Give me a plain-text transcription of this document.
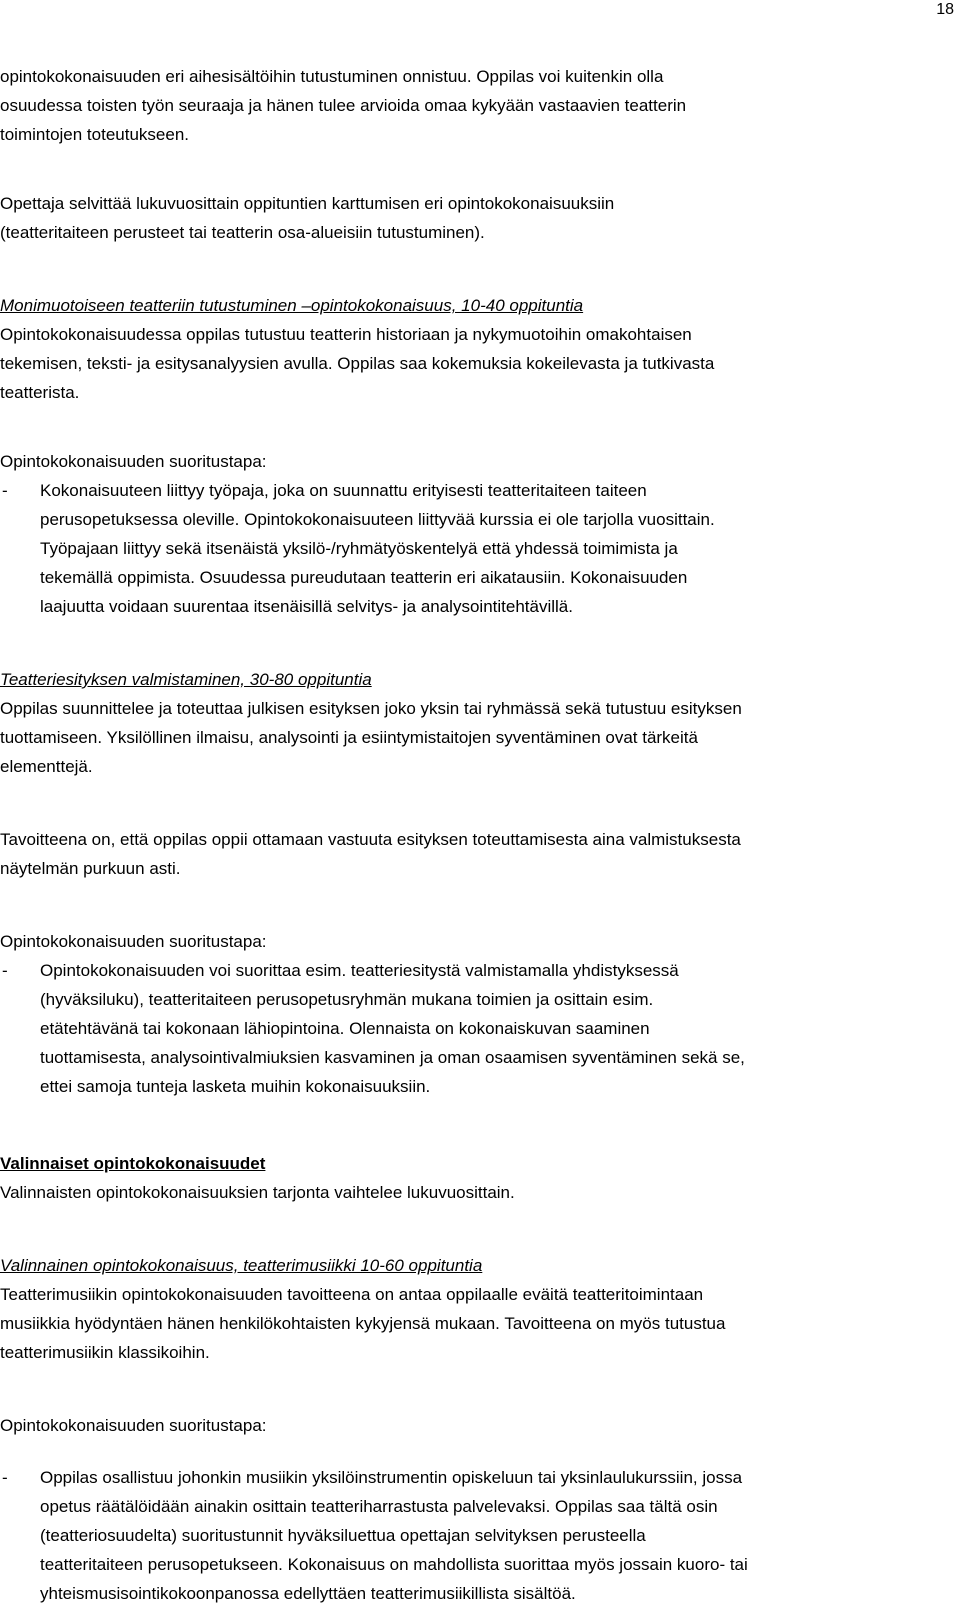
18

opintokokonaisuuden eri aihesisältöihin tutustuminen onnistuu. Oppilas voi kuitenkin olla

osuudessa toisten työn seuraaja ja hänen tulee arvioida omaa kykyään vastaavien teatterin

toimintojen toteutukseen.

Opettaja selvittää lukuvuosittain oppituntien karttumisen eri opintokokonaisuuksiin

(teatteritaiteen perusteet tai teatterin osa-alueisiin tutustuminen).

Monimuotoiseen teatteriin tutustuminen –opintokokonaisuus, 10-40 oppituntia

Opintokokonaisuudessa oppilas tutustuu teatterin historiaan ja nykymuotoihin omakohtaisen

tekemisen, teksti- ja esitysanalyysien avulla. Oppilas saa kokemuksia kokeilevasta ja tutkivasta

teatterista.

Opintokokonaisuuden suoritustapa:

-	Kokonaisuuteen liittyy työpaja, joka on suunnattu erityisesti teatteritaiteen taiteen

perusopetuksessa oleville. Opintokokonaisuuteen liittyvää kurssia ei ole tarjolla vuosittain.

Työpajaan liittyy sekä itsenäistä yksilö-/ryhmätyöskentelyä että yhdessä toimimista ja

tekemällä oppimista. Osuudessa pureudutaan teatterin eri aikatausiin. Kokonaisuuden

laajuutta voidaan suurentaa itsenäisillä selvitys- ja analysointitehtävillä.

Teatteriesityksen valmistaminen, 30-80 oppituntia

Oppilas suunnittelee ja toteuttaa julkisen esityksen joko yksin tai ryhmässä sekä tutustuu esityksen

tuottamiseen. Yksilöllinen ilmaisu, analysointi ja esiintymistaitojen syventäminen ovat tärkeitä

elementtejä.

Tavoitteena on, että oppilas oppii ottamaan vastuuta esityksen toteuttamisesta aina valmistuksesta

näytelmän purkuun asti.

Opintokokonaisuuden suoritustapa:

-	Opintokokonaisuuden voi suorittaa esim. teatteriesitystä valmistamalla yhdistyksessä

(hyväksiluku), teatteritaiteen perusopetusryhmän mukana toimien ja osittain esim.

etätehtävänä tai kokonaan lähiopintoina. Olennaista on kokonaiskuvan saaminen

tuottamisesta, analysointivalmiuksien kasvaminen ja oman osaamisen syventäminen sekä se,

ettei samoja tunteja lasketa muihin kokonaisuuksiin.

Valinnaiset opintokokonaisuudet

Valinnaisten opintokokonaisuuksien tarjonta vaihtelee lukuvuosittain.

Valinnainen opintokokonaisuus, teatterimusiikki 10-60 oppituntia

Teatterimusiikin opintokokonaisuuden tavoitteena on antaa oppilaalle eväitä teatteritoimintaan

musiikkia hyödyntäen hänen henkilökohtaisten kykyjensä mukaan. Tavoitteena on myös tutustua

teatterimusiikin klassikoihin.

Opintokokonaisuuden suoritustapa:

-	Oppilas osallistuu johonkin musiikin yksilöinstrumentin opiskeluun tai yksinlaulukurssiin, jossa

opetus räätälöidään ainakin osittain teatteriharrastusta palvelevaksi. Oppilas saa tältä osin

(teatteriosuudelta) suoritustunnit hyväksiluettua opettajan selvityksen perusteella

teatteritaiteen perusopetukseen. Kokonaisuus on mahdollista suorittaa myös jossain kuoro- tai

yhteismusisointikokoonpanossa edellyttäen teatterimusiikillista sisältöä.
